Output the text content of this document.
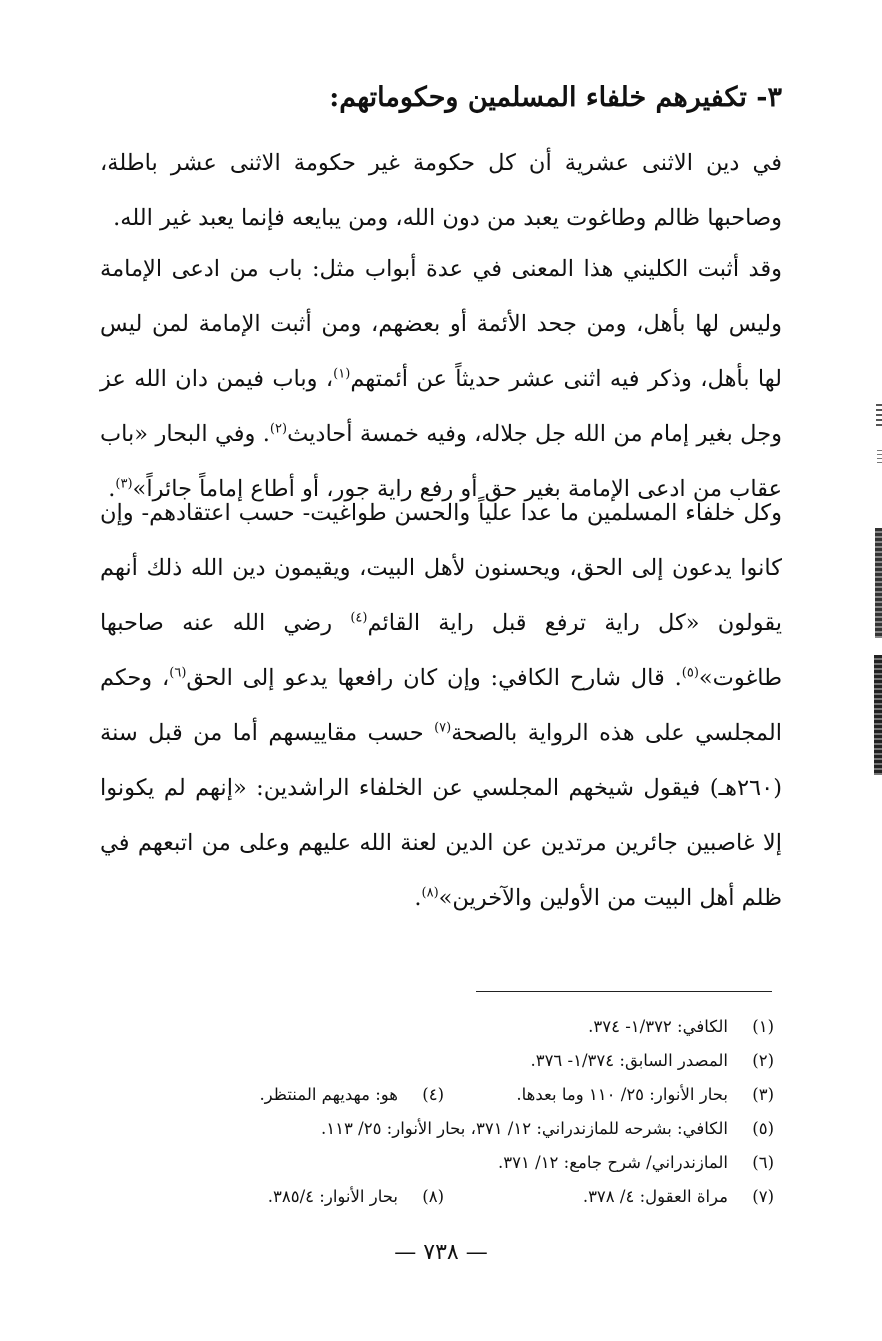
٣- تكفيرهم خلفاء المسلمين وحكوماتهم:
في دين الاثنى عشرية أن كل حكومة غير حكومة الاثنى عشر باطلة، وصاحبها ظالم وطاغوت يعبد من دون الله، ومن يبايعه فإنما يعبد غير الله.
وقد أثبت الكليني هذا المعنى في عدة أبواب مثل: باب من ادعى الإمامة وليس لها بأهل، ومن جحد الأئمة أو بعضهم، ومن أثبت الإمامة لمن ليس لها بأهل، وذكر فيه اثنى عشر حديثاً عن أئمتهم$^{(١)}$، وباب فيمن دان الله عز وجل بغير إمام من الله جل جلاله، وفيه خمسة أحاديث$^{(٢)}$. وفي البحار «باب عقاب من ادعى الإمامة بغير حق أو رفع راية جور، أو أطاع إماماً جائراً»$^{(٣)}$.
وكل خلفاء المسلمين ما عدا علياً والحسن طواغيت- حسب اعتقادهم- وإن كانوا يدعون إلى الحق، ويحسنون لأهل البيت، ويقيمون دين الله ذلك أنهم يقولون «كل راية ترفع قبل راية القائم$^{(٤)}$ رضي الله عنه صاحبها طاغوت»$^{(٥)}$. قال شارح الكافي: وإن كان رافعها يدعو إلى الحق$^{(٦)}$، وحكم المجلسي على هذه الرواية بالصحة$^{(٧)}$ حسب مقاييسهم أما من قبل سنة (٢٦٠هـ) فيقول شيخهم المجلسي عن الخلفاء الراشدين: «إنهم لم يكونوا إلا غاصبين جائرين مرتدين عن الدين لعنة الله عليهم وعلى من اتبعهم في ظلم أهل البيت من الأولين والآخرين»$^{(٨)}$.
(١)
الكافي: ١/٣٧٢- ٣٧٤.
(٢)
المصدر السابق: ١/٣٧٤- ٣٧٦.
(٣)
بحار الأنوار: ٢٥/ ١١٠ وما بعدها.
(٤)
هو: مهديهم المنتظر.
(٥)
الكافي: بشرحه للمازندراني: ١٢/ ٣٧١، بحار الأنوار: ٢٥/ ١١٣.
(٦)
المازندراني/ شرح جامع: ١٢/ ٣٧١.
(٧)
مراة العقول: ٤/ ٣٧٨.
(٨)
بحار الأنوار: ٣٨٥/٤.
— ٧٣٨ —
